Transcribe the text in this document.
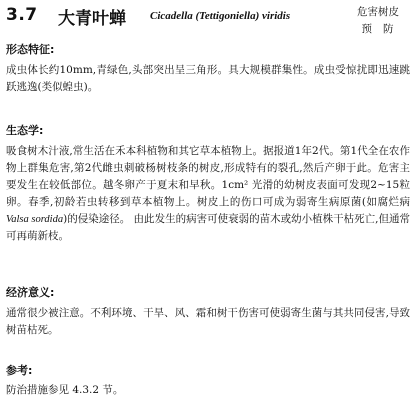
3.7 大青叶蝉 Cicadella (Tettigoniella) viridis	危害树皮
预防
形态特征:
成虫体长约10mm,青绿色,头部突出呈三角形。具大规模群集性。成虫受惊扰即迅速跳跃逃逸(类似蝗虫)。
生态学:
吸食树木汁液,常生活在禾本科植物和其它草本植物上。据报道1年2代。第1代全在农作物上群集危害,第2代雌虫刺破杨树枝条的树皮,形成特有的裂孔,然后产卵于此。危害主要发生在较低部位。越冬卵产于夏末和早秋。1cm² 光滑的幼树皮表面可发现2~15粒卵。春季,初龄若虫转移到草本植物上。树皮上的伤口可成为弱寄生病原菌(如腐烂病 Valsa sordida)的侵染途径。 由此发生的病害可使衰弱的苗木或幼小植株干枯死亡,但通常可再萌新枝。
经济意义:
通常很少被注意。不利环境、干旱、风、霜和树干伤害可使弱寄生菌与其共同侵害,导致树苗枯死。
参考:
防治措施参见 4.3.2 节。
